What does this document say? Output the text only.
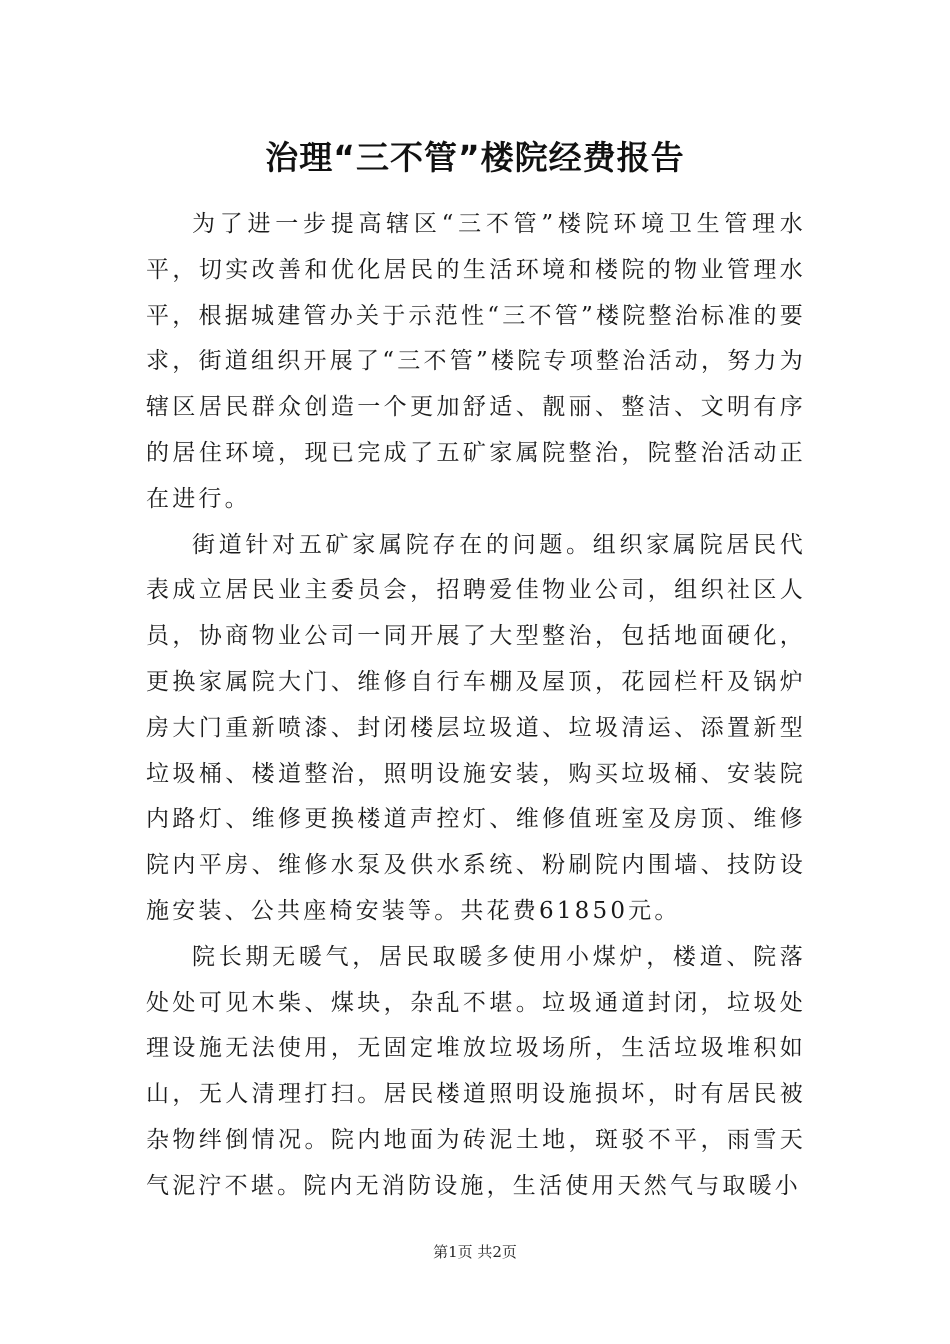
治理“三不管”楼院经费报告

为了进一步提高辖区“三不管”楼院环境卫生管理水平，切实改善和优化居民的生活环境和楼院的物业管理水平，根据城建管办关于示范性“三不管”楼院整治标准的要求，街道组织开展了“三不管”楼院专项整治活动，努力为辖区居民群众创造一个更加舒适、靓丽、整洁、文明有序的居住环境，现已完成了五矿家属院整治，院整治活动正在进行。

街道针对五矿家属院存在的问题。组织家属院居民代表成立居民业主委员会，招聘爱佳物业公司，组织社区人员，协商物业公司一同开展了大型整治，包括地面硬化，更换家属院大门、维修自行车棚及屋顶，花园栏杆及锅炉房大门重新喷漆、封闭楼层垃圾道、垃圾清运、添置新型垃圾桶、楼道整治，照明设施安装，购买垃圾桶、安装院内路灯、维修更换楼道声控灯、维修值班室及房顶、维修院内平房、维修水泵及供水系统、粉刷院内围墙、技防设施安装、公共座椅安装等。共花费61850元。

院长期无暖气，居民取暖多使用小煤炉，楼道、院落处处可见木柴、煤块，杂乱不堪。垃圾通道封闭，垃圾处理设施无法使用，无固定堆放垃圾场所，生活垃圾堆积如山，无人清理打扫。居民楼道照明设施损坏，时有居民被杂物绊倒情况。院内地面为砖泥土地，斑驳不平，雨雪天气泥泞不堪。院内无消防设施，生活使用天然气与取暖小

第1页 共2页
